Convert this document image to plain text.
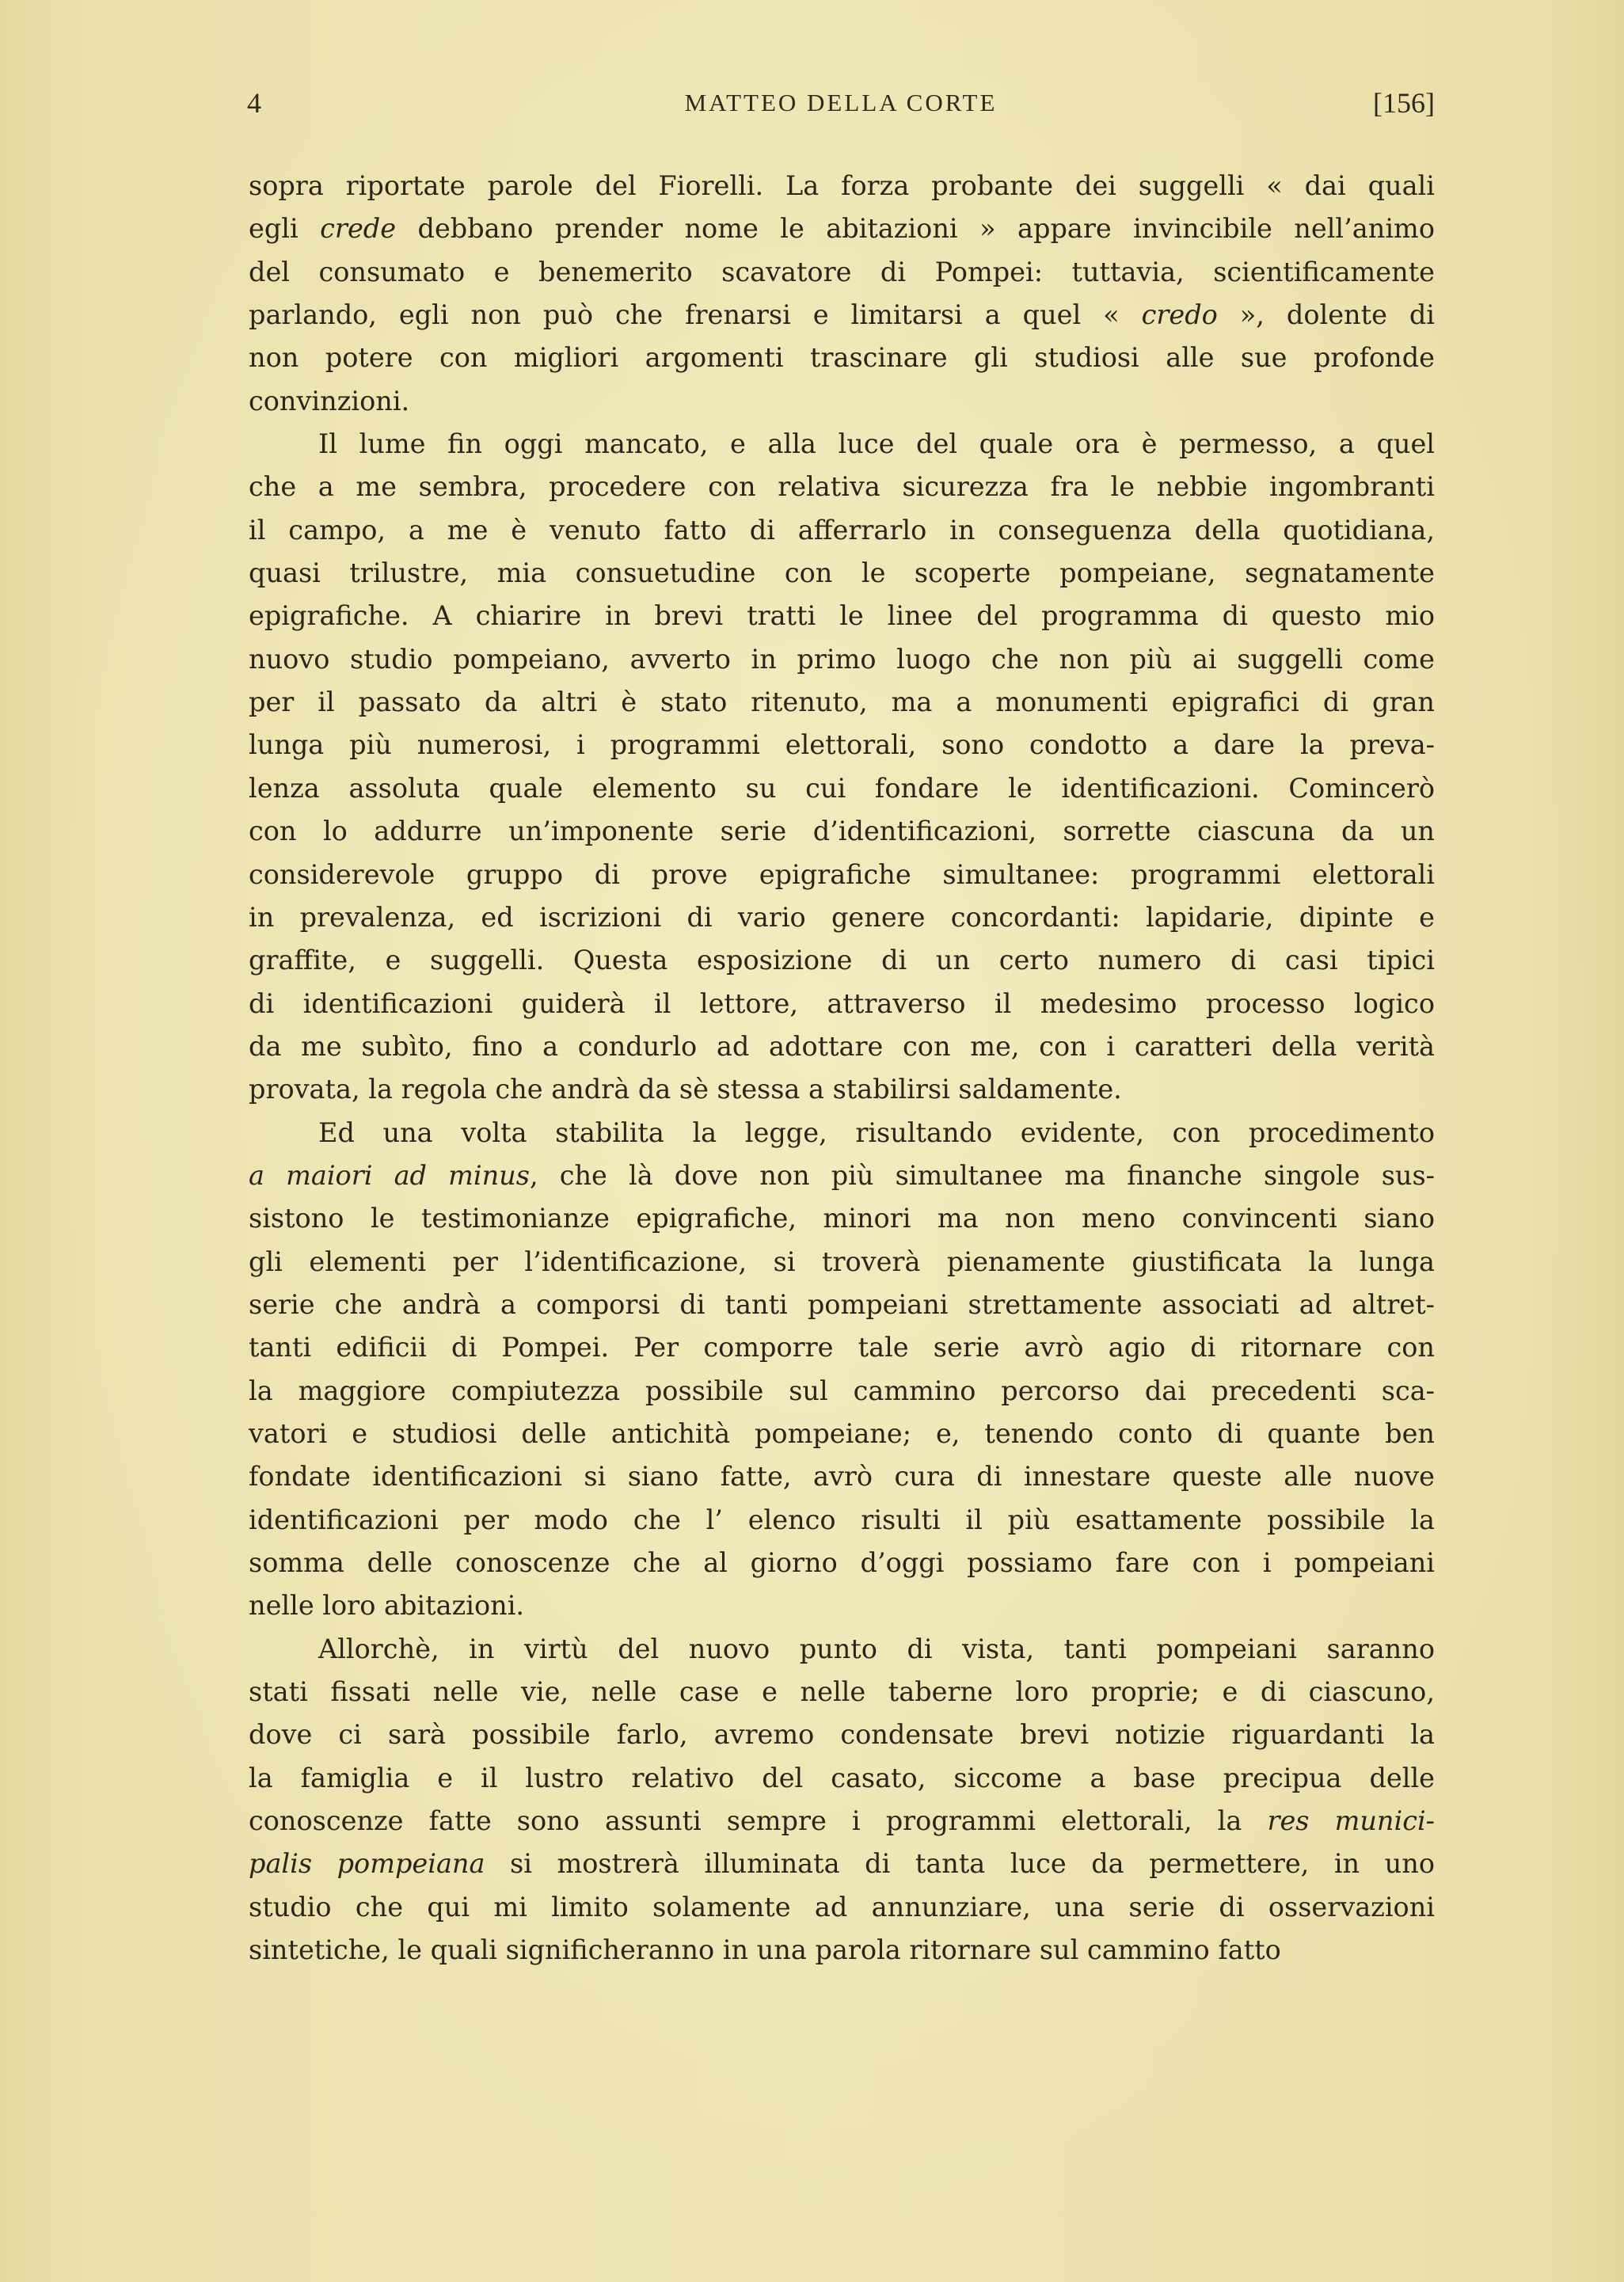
4	MATTEO DELLA CORTE	[156]
sopra riportate parole del Fiorelli. La forza probante dei suggelli « dai quali
egli crede debbano prender nome le abitazioni » appare invincibile nell’animo
del consumato e benemerito scavatore di Pompei: tuttavia, scientificamente
parlando, egli non può che frenarsi e limitarsi a quel « credo », dolente di
non potere con migliori argomenti trascinare gli studiosi alle sue profonde
convinzioni.
Il lume fin oggi mancato, e alla luce del quale ora è permesso, a quel
che a me sembra, procedere con relativa sicurezza fra le nebbie ingombranti
il campo, a me è venuto fatto di afferrarlo in conseguenza della quotidiana,
quasi trilustre, mia consuetudine con le scoperte pompeiane, segnatamente
epigrafiche. A chiarire in brevi tratti le linee del programma di questo mio
nuovo studio pompeiano, avverto in primo luogo che non più ai suggelli come
per il passato da altri è stato ritenuto, ma a monumenti epigrafici di gran
lunga più numerosi, i programmi elettorali, sono condotto a dare la preva-
lenza assoluta quale elemento su cui fondare le identificazioni. Comincerò
con lo addurre un’imponente serie d’identificazioni, sorrette ciascuna da un
considerevole gruppo di prove epigrafiche simultanee: programmi elettorali
in prevalenza, ed iscrizioni di vario genere concordanti: lapidarie, dipinte e
graffite, e suggelli. Questa esposizione di un certo numero di casi tipici
di identificazioni guiderà il lettore, attraverso il medesimo processo logico
da me subìto, fino a condurlo ad adottare con me, con i caratteri della verità
provata, la regola che andrà da sè stessa a stabilirsi saldamente.
Ed una volta stabilita la legge, risultando evidente, con procedimento
a maiori ad minus, che là dove non più simultanee ma finanche singole sus-
sistono le testimonianze epigrafiche, minori ma non meno convincenti siano
gli elementi per l’identificazione, si troverà pienamente giustificata la lunga
serie che andrà a comporsi di tanti pompeiani strettamente associati ad altret-
tanti edificii di Pompei. Per comporre tale serie avrò agio di ritornare con
la maggiore compiutezza possibile sul cammino percorso dai precedenti sca-
vatori e studiosi delle antichità pompeiane; e, tenendo conto di quante ben
fondate identificazioni si siano fatte, avrò cura di innestare queste alle nuove
identificazioni per modo che l’ elenco risulti il più esattamente possibile la
somma delle conoscenze che al giorno d’oggi possiamo fare con i pompeiani
nelle loro abitazioni.
Allorchè, in virtù del nuovo punto di vista, tanti pompeiani saranno
stati fissati nelle vie, nelle case e nelle taberne loro proprie; e di ciascuno,
dove ci sarà possibile farlo, avremo condensate brevi notizie riguardanti la
la famiglia e il lustro relativo del casato, siccome a base precipua delle
conoscenze fatte sono assunti sempre i programmi elettorali, la res munici-
palis pompeiana si mostrerà illuminata di tanta luce da permettere, in uno
studio che qui mi limito solamente ad annunziare, una serie di osservazioni
sintetiche, le quali significheranno in una parola ritornare sul cammino fatto
